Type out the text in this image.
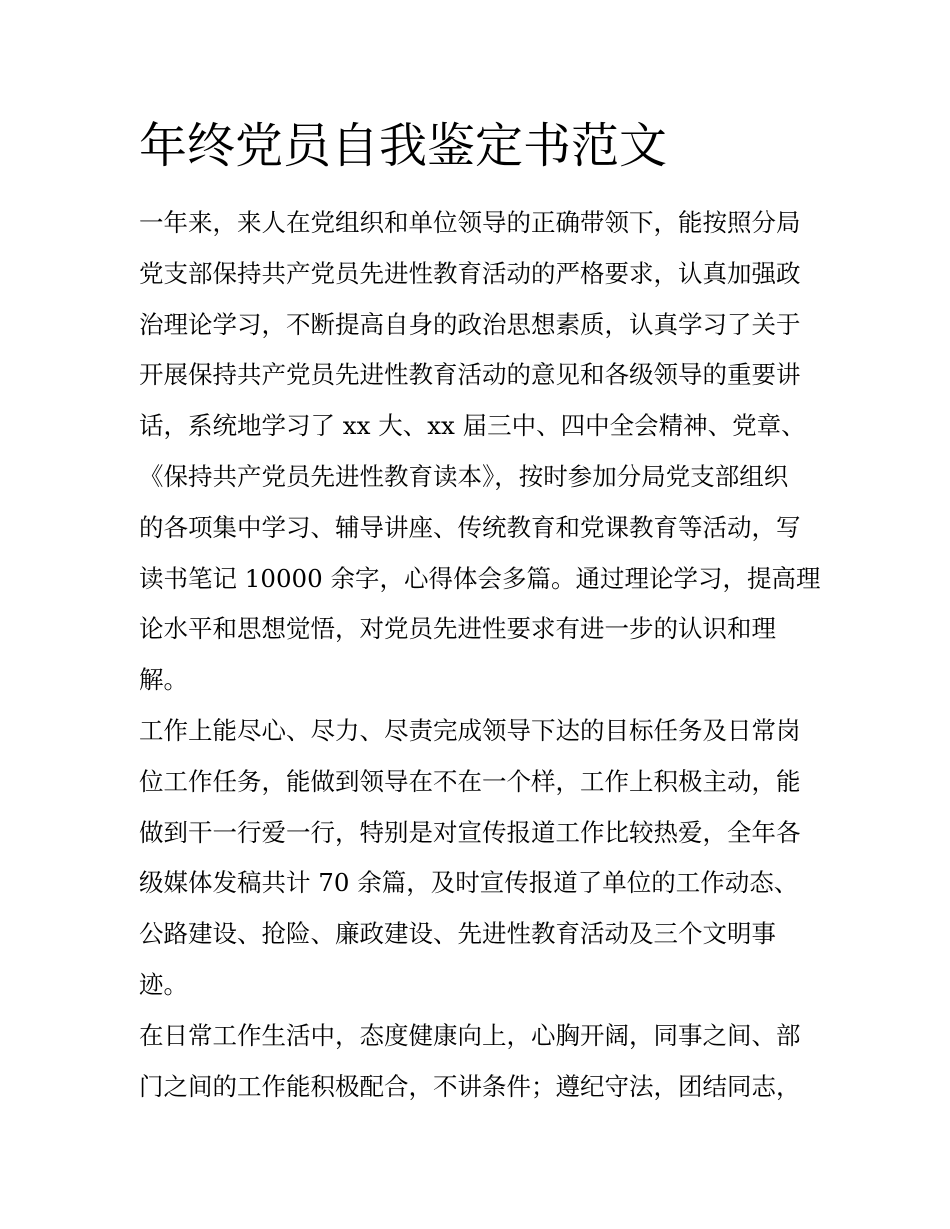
年终党员自我鉴定书范文

一年来，来人在党组织和单位领导的正确带领下，能按照分局
党支部保持共产党员先进性教育活动的严格要求，认真加强政
治理论学习，不断提高自身的政治思想素质，认真学习了关于
开展保持共产党员先进性教育活动的意见和各级领导的重要讲
话，系统地学习了 xx 大、xx 届三中、四中全会精神、党章、
《保持共产党员先进性教育读本》，按时参加分局党支部组织
的各项集中学习、辅导讲座、传统教育和党课教育等活动，写
读书笔记 10000 余字，心得体会多篇。通过理论学习，提高理
论水平和思想觉悟，对党员先进性要求有进一步的认识和理
解。

工作上能尽心、尽力、尽责完成领导下达的目标任务及日常岗
位工作任务，能做到领导在不在一个样，工作上积极主动，能
做到干一行爱一行，特别是对宣传报道工作比较热爱，全年各
级媒体发稿共计 70 余篇，及时宣传报道了单位的工作动态、
公路建设、抢险、廉政建设、先进性教育活动及三个文明事
迹。

在日常工作生活中，态度健康向上，心胸开阔，同事之间、部
门之间的工作能积极配合，不讲条件；遵纪守法，团结同志，
